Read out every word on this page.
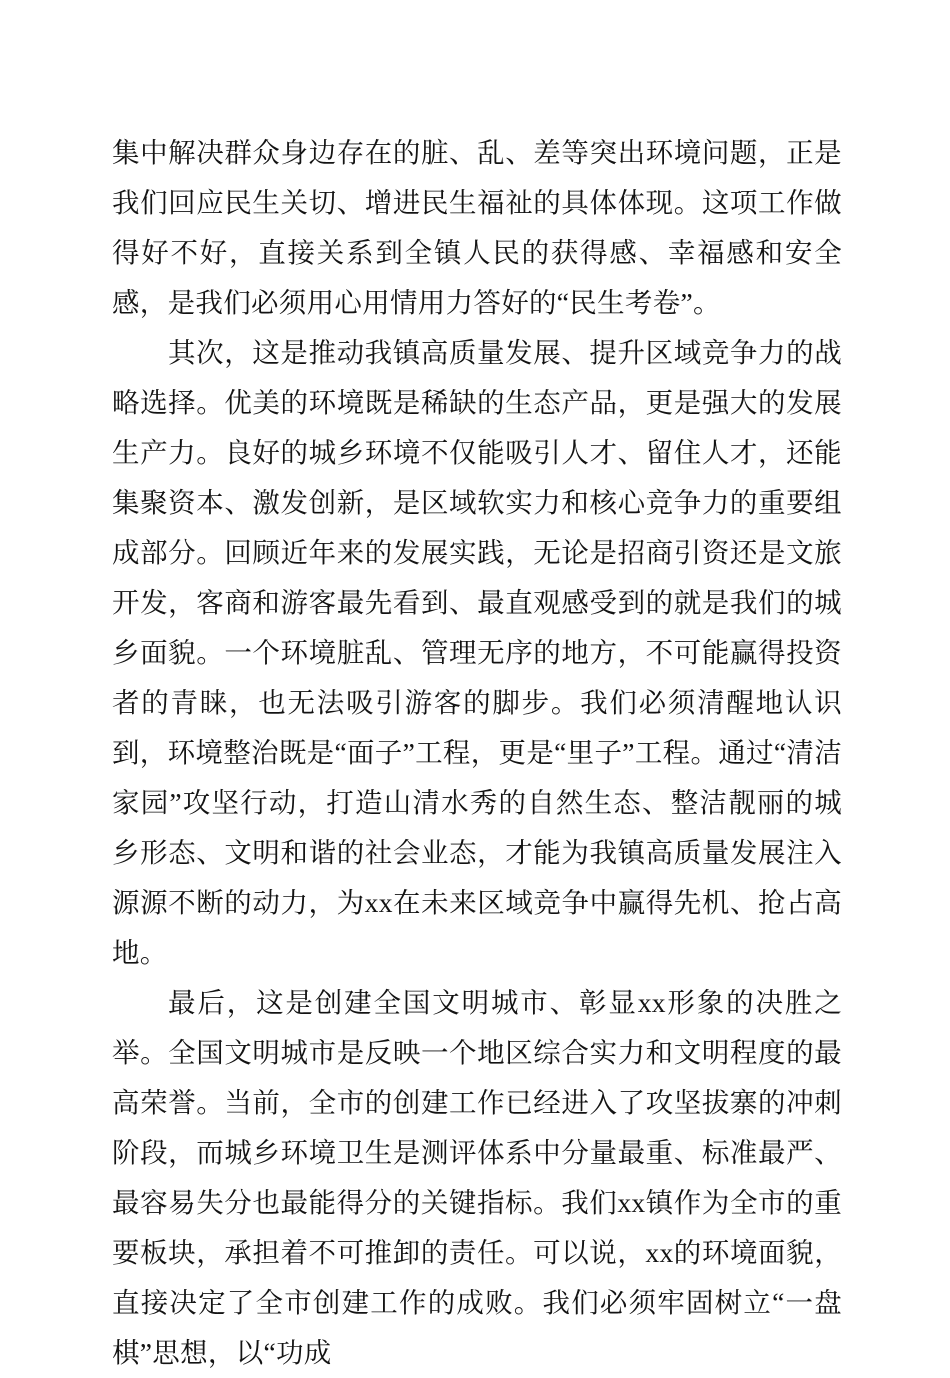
集中解决群众身边存在的脏、乱、差等突出环境问题，正是我们回应民生关切、增进民生福祉的具体体现。这项工作做得好不好，直接关系到全镇人民的获得感、幸福感和安全感，是我们必须用心用情用力答好的“民生考卷”。

其次，这是推动我镇高质量发展、提升区域竞争力的战略选择。优美的环境既是稀缺的生态产品，更是强大的发展生产力。良好的城乡环境不仅能吸引人才、留住人才，还能集聚资本、激发创新，是区域软实力和核心竞争力的重要组成部分。回顾近年来的发展实践，无论是招商引资还是文旅开发，客商和游客最先看到、最直观感受到的就是我们的城乡面貌。一个环境脏乱、管理无序的地方，不可能赢得投资者的青睐，也无法吸引游客的脚步。我们必须清醒地认识到，环境整治既是“面子”工程，更是“里子”工程。通过“清洁家园”攻坚行动，打造山清水秀的自然生态、整洁靓丽的城乡形态、文明和谐的社会业态，才能为我镇高质量发展注入源源不断的动力，为xx在未来区域竞争中赢得先机、抢占高地。

最后，这是创建全国文明城市、彰显xx形象的决胜之举。全国文明城市是反映一个地区综合实力和文明程度的最高荣誉。当前，全市的创建工作已经进入了攻坚拔寨的冲刺阶段，而城乡环境卫生是测评体系中分量最重、标准最严、最容易失分也最能得分的关键指标。我们xx镇作为全市的重要板块，承担着不可推卸的责任。可以说，xx的环境面貌，直接决定了全市创建工作的成败。我们必须牢固树立“一盘棋”思想，以“功成
